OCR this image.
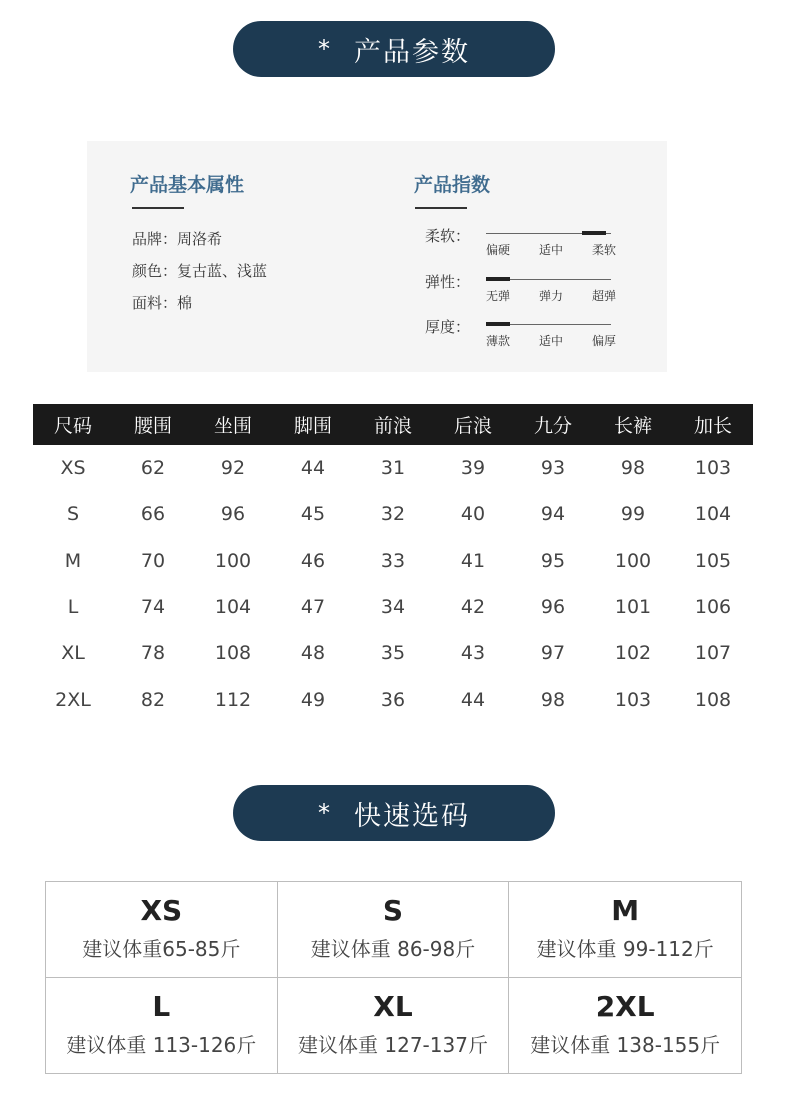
* 产品参数
产品基本属性
品牌：周洛希
颜色：复古蓝、浅蓝
面料：棉
产品指数
柔软：
偏硬 适中 柔软
弹性：
无弹 弹力 超弹
厚度：
薄款 适中 偏厚
尺码	腰围	坐围	脚围	前浪	后浪	九分	长裤	加长
XS	62	92	44	31	39	93	98	103
S	66	96	45	32	40	94	99	104
M	70	100	46	33	41	95	100	105
L	74	104	47	34	42	96	101	106
XL	78	108	48	35	43	97	102	107
2XL	82	112	49	36	44	98	103	108
* 快速选码
XS
建议体重65-85斤
S
建议体重 86-98斤
M
建议体重 99-112斤
L
建议体重 113-126斤
XL
建议体重 127-137斤
2XL
建议体重 138-155斤
